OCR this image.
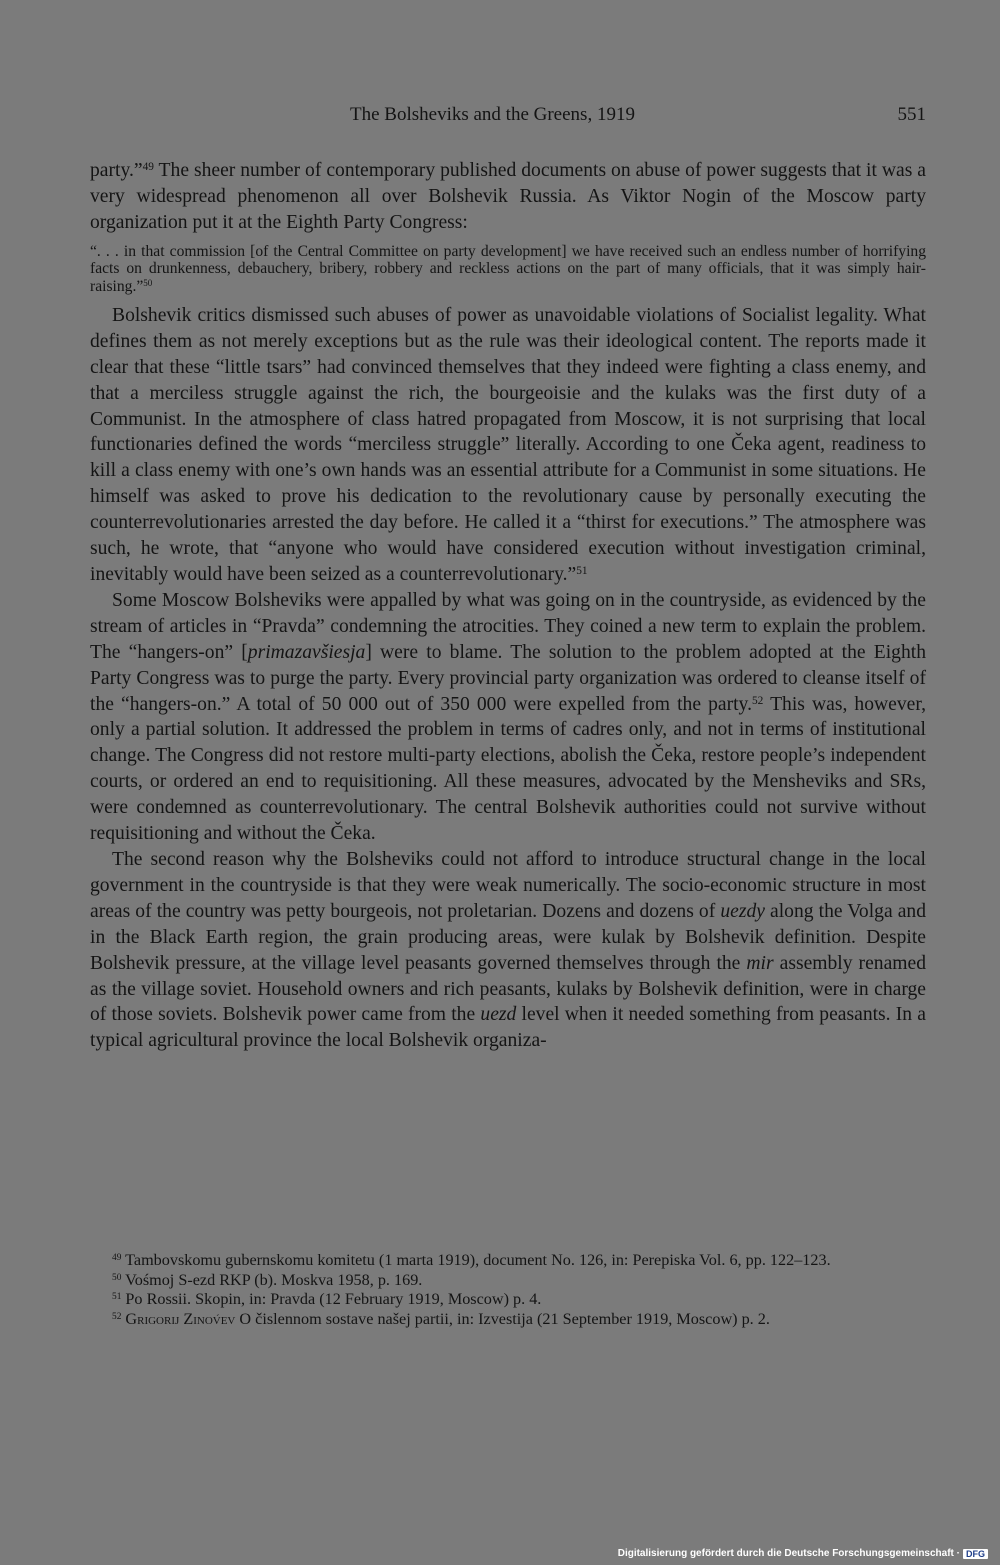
The Bolsheviks and the Greens, 1919	551

party.”$^{49}$ The sheer number of contemporary published documents on abuse of power suggests that it was a very widespread phenomenon all over Bolshevik Russia. As Viktor Nogin of the Moscow party organization put it at the Eighth Party Congress:

“. . . in that commission [of the Central Committee on party development] we have received such an endless number of horrifying facts on drunkenness, debauchery, bribery, robbery and reckless actions on the part of many officials, that it was simply hair-raising.”$^{50}$

Bolshevik critics dismissed such abuses of power as unavoidable violations of Socialist legality. What defines them as not merely exceptions but as the rule was their ideological content. The reports made it clear that these “little tsars” had convinced themselves that they indeed were fighting a class enemy, and that a merciless struggle against the rich, the bourgeoisie and the kulaks was the first duty of a Communist. In the atmosphere of class hatred propagated from Moscow, it is not surprising that local functionaries defined the words “merciless struggle” literally. According to one Čeka agent, readiness to kill a class enemy with one’s own hands was an essential attribute for a Communist in some situations. He himself was asked to prove his dedication to the revolutionary cause by personally executing the counterrevolutionaries arrested the day before. He called it a “thirst for executions.” The atmosphere was such, he wrote, that “anyone who would have considered execution without investigation criminal, inevitably would have been seized as a counterrevolutionary.”$^{51}$

Some Moscow Bolsheviks were appalled by what was going on in the countryside, as evidenced by the stream of articles in “Pravda” condemning the atrocities. They coined a new term to explain the problem. The “hangers-on” [primazavšiesja] were to blame. The solution to the problem adopted at the Eighth Party Congress was to purge the party. Every provincial party organization was ordered to cleanse itself of the “hangers-on.” A total of 50 000 out of 350 000 were expelled from the party.$^{52}$ This was, however, only a partial solution. It addressed the problem in terms of cadres only, and not in terms of institutional change. The Congress did not restore multi-party elections, abolish the Čeka, restore people’s independent courts, or ordered an end to requisitioning. All these measures, advocated by the Mensheviks and SRs, were condemned as counterrevolutionary. The central Bolshevik authorities could not survive without requisitioning and without the Čeka.

The second reason why the Bolsheviks could not afford to introduce structural change in the local government in the countryside is that they were weak numerically. The socio-economic structure in most areas of the country was petty bourgeois, not proletarian. Dozens and dozens of uezdy along the Volga and in the Black Earth region, the grain producing areas, were kulak by Bolshevik definition. Despite Bolshevik pressure, at the village level peasants governed themselves through the mir assembly renamed as the village soviet. Household owners and rich peasants, kulaks by Bolshevik definition, were in charge of those soviets. Bolshevik power came from the uezd level when it needed something from peasants. In a typical agricultural province the local Bolshevik organiza-

$^{49}$ Tambovskomu gubernskomu komitetu (1 marta 1919), document No. 126, in: Perepiska Vol. 6, pp. 122–123.

$^{50}$ Vośmoj S-ezd RKP (b). Moskva 1958, p. 169.

$^{51}$ Po Rossii. Skopin, in: Pravda (12 February 1919, Moscow) p. 4.

$^{52}$ Grigorij Zinov́ev O čislennom sostave našej partii, in: Izvestija (21 September 1919, Moscow) p. 2.

Digitalisierung gefördert durch die Deutsche Forschungsgemeinschaft · DFG
